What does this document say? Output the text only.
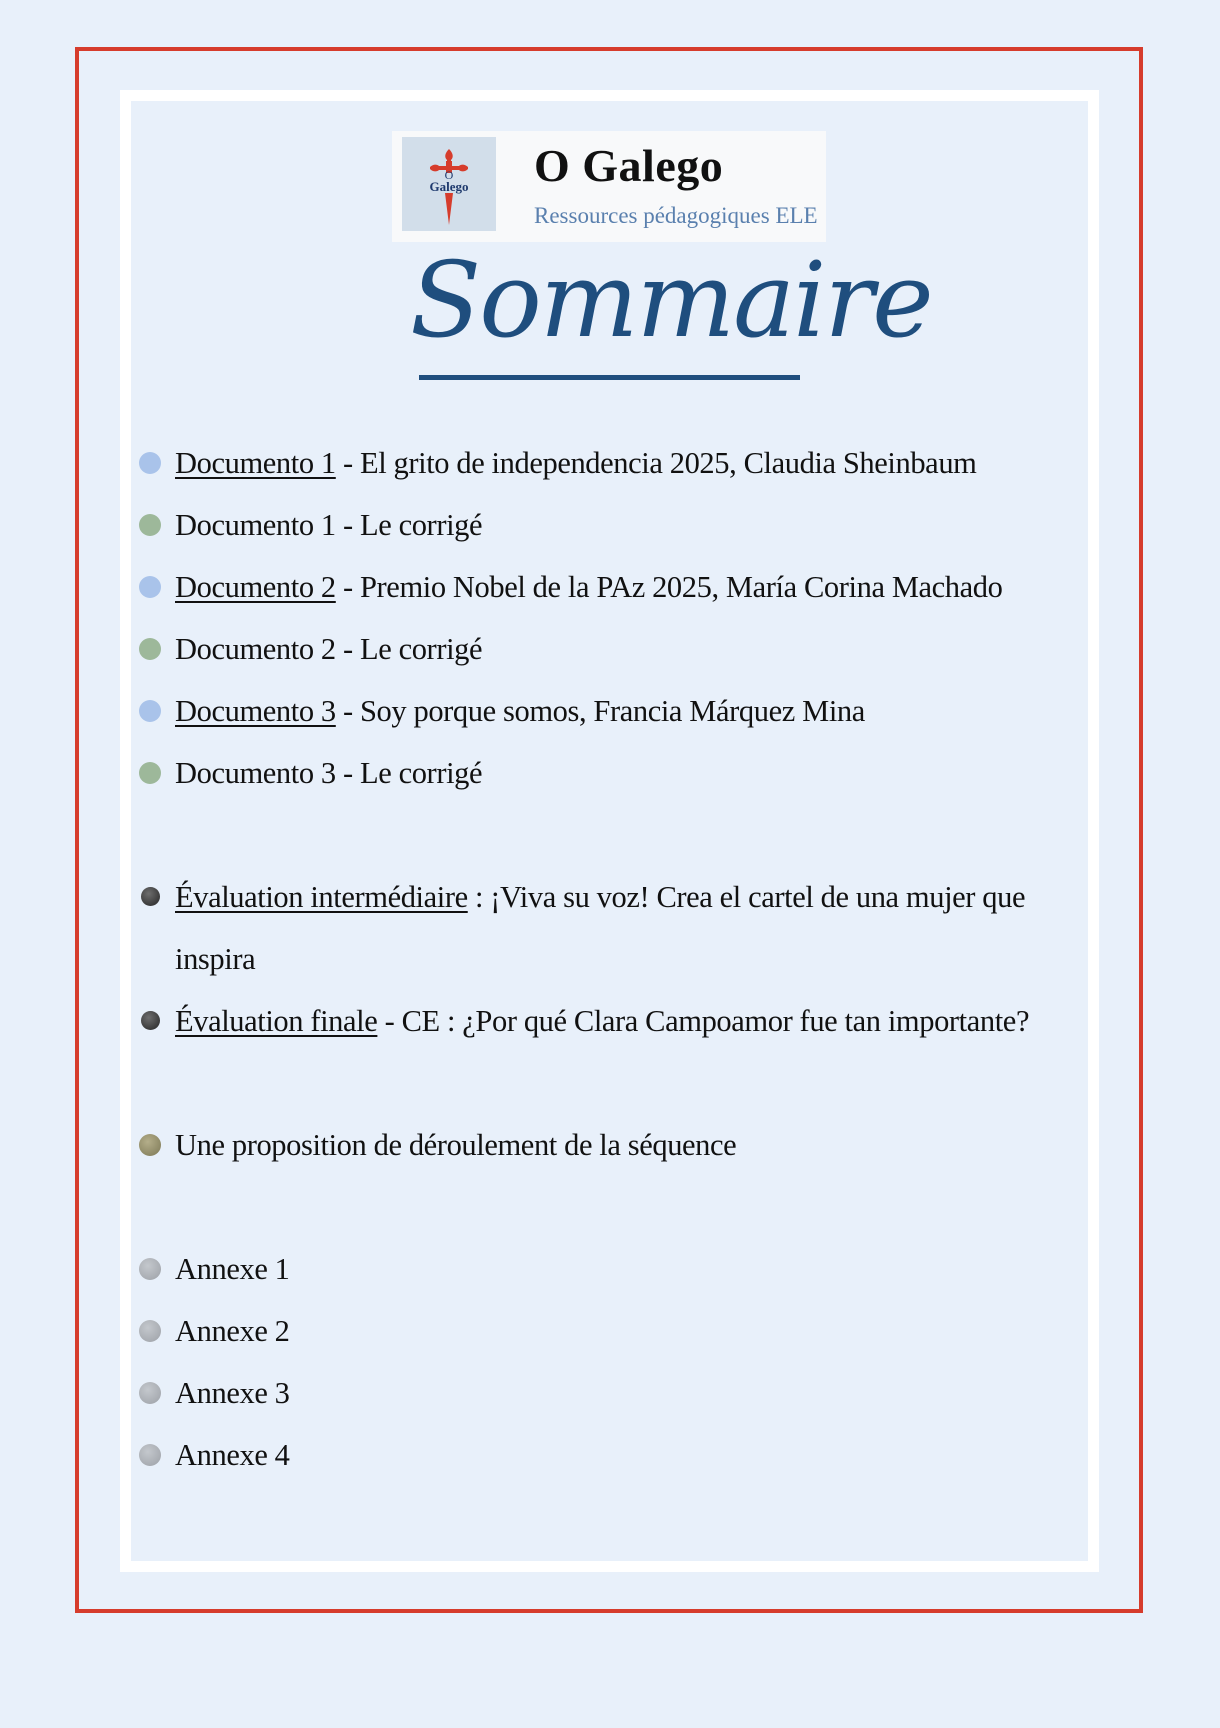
O
Galego O Galego
Ressources pédagogiques ELE
Sommaire
Documento 1 - El grito de independencia 2025, Claudia Sheinbaum
Documento 1 - Le corrigé
Documento 2 - Premio Nobel de la PAz 2025, María Corina Machado
Documento 2 - Le corrigé
Documento 3 - Soy porque somos, Francia Márquez Mina
Documento 3 - Le corrigé
Évaluation intermédiaire : ¡Viva su voz! Crea el cartel de una mujer que inspira
Évaluation finale - CE : ¿Por qué Clara Campoamor fue tan importante?
Une proposition de déroulement de la séquence
Annexe 1
Annexe 2
Annexe 3
Annexe 4
